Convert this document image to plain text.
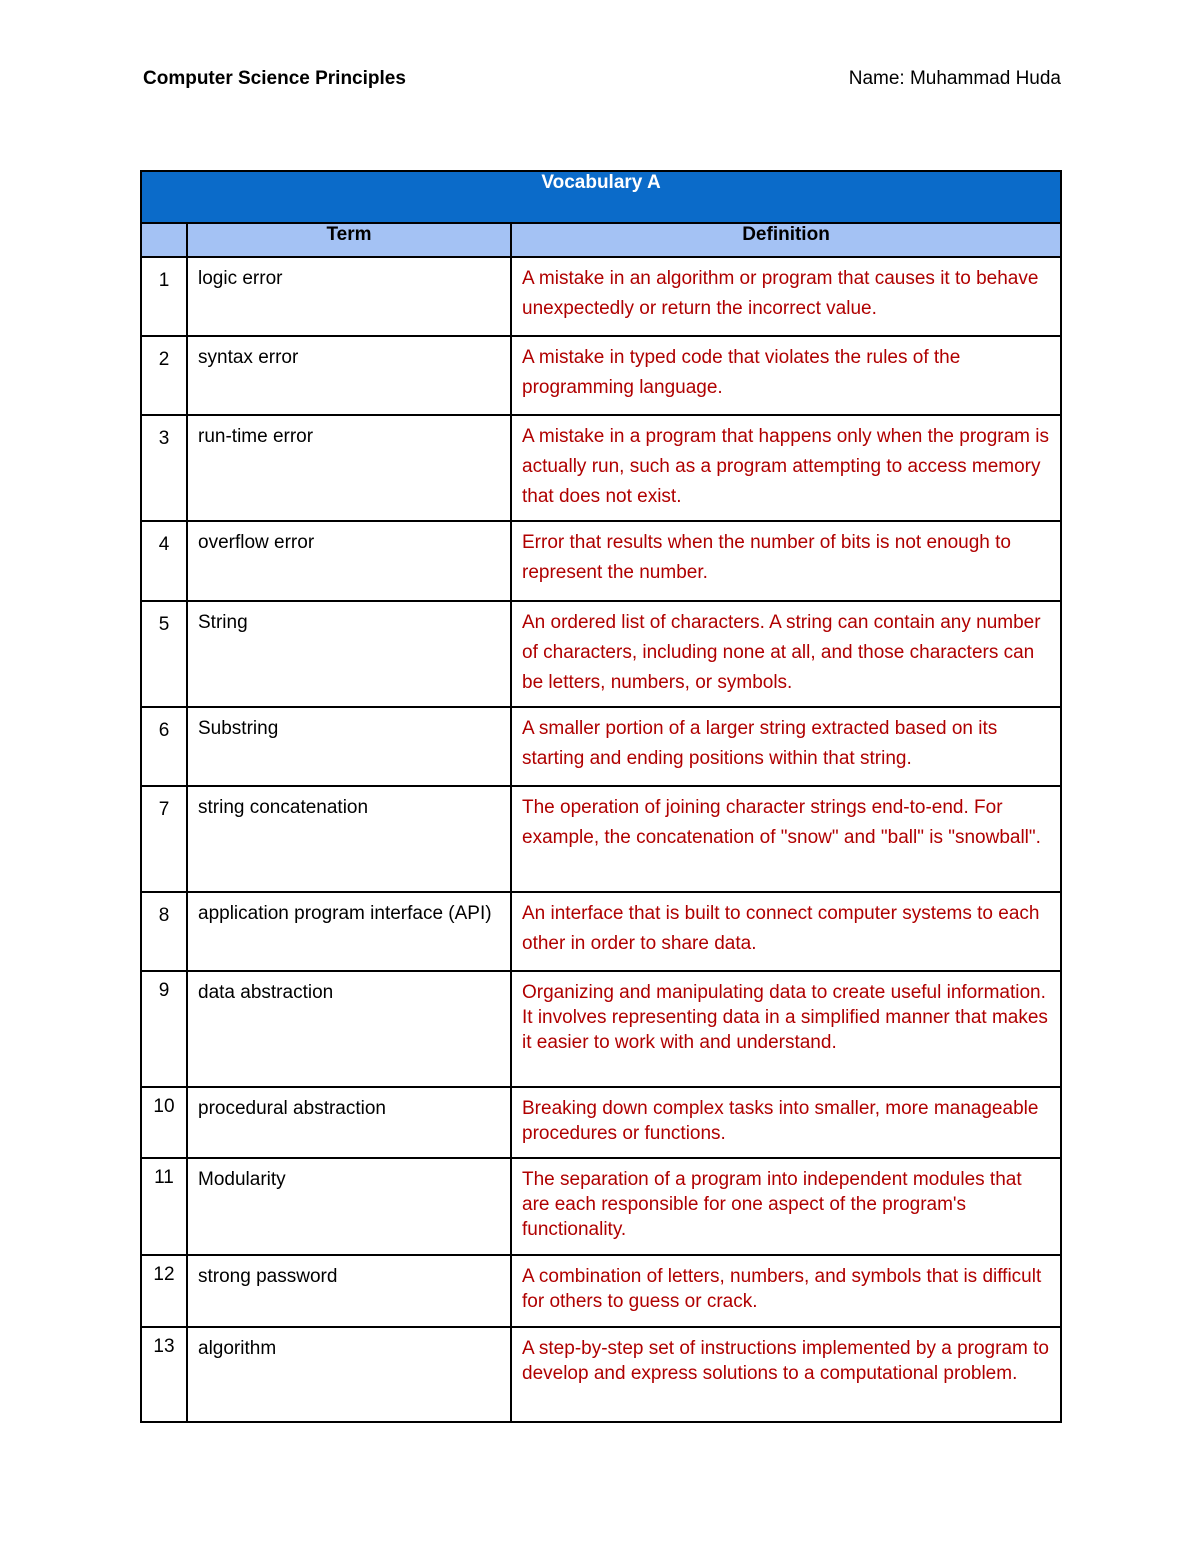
Computer Science Principles	Name: Muhammad Huda
Vocabulary A		
	Term	Definition
1	logic error	A mistake in an algorithm or program that causes it to behave unexpectedly or return the incorrect value.
2	syntax error	A mistake in typed code that violates the rules of the programming language.
3	run-time error	A mistake in a program that happens only when the program is actually run, such as a program attempting to access memory that does not exist.
4	overflow error	Error that results when the number of bits is not enough to represent the number.
5	String	An ordered list of characters. A string can contain any number of characters, including none at all, and those characters can be letters, numbers, or symbols.
6	Substring	A smaller portion of a larger string extracted based on its starting and ending positions within that string.
7	string concatenation	The operation of joining character strings end-to-end. For example, the concatenation of "snow" and "ball" is "snowball".
8	application program interface (API)	An interface that is built to connect computer systems to each other in order to share data.
9	data abstraction	Organizing and manipulating data to create useful information. It involves representing data in a simplified manner that makes it easier to work with and understand.
10	procedural abstraction	Breaking down complex tasks into smaller, more manageable procedures or functions.
11	Modularity	The separation of a program into independent modules that are each responsible for one aspect of the program's functionality.
12	strong password	A combination of letters, numbers, and symbols that is difficult for others to guess or crack.
13	algorithm	A step-by-step set of instructions implemented by a program to develop and express solutions to a computational problem.
